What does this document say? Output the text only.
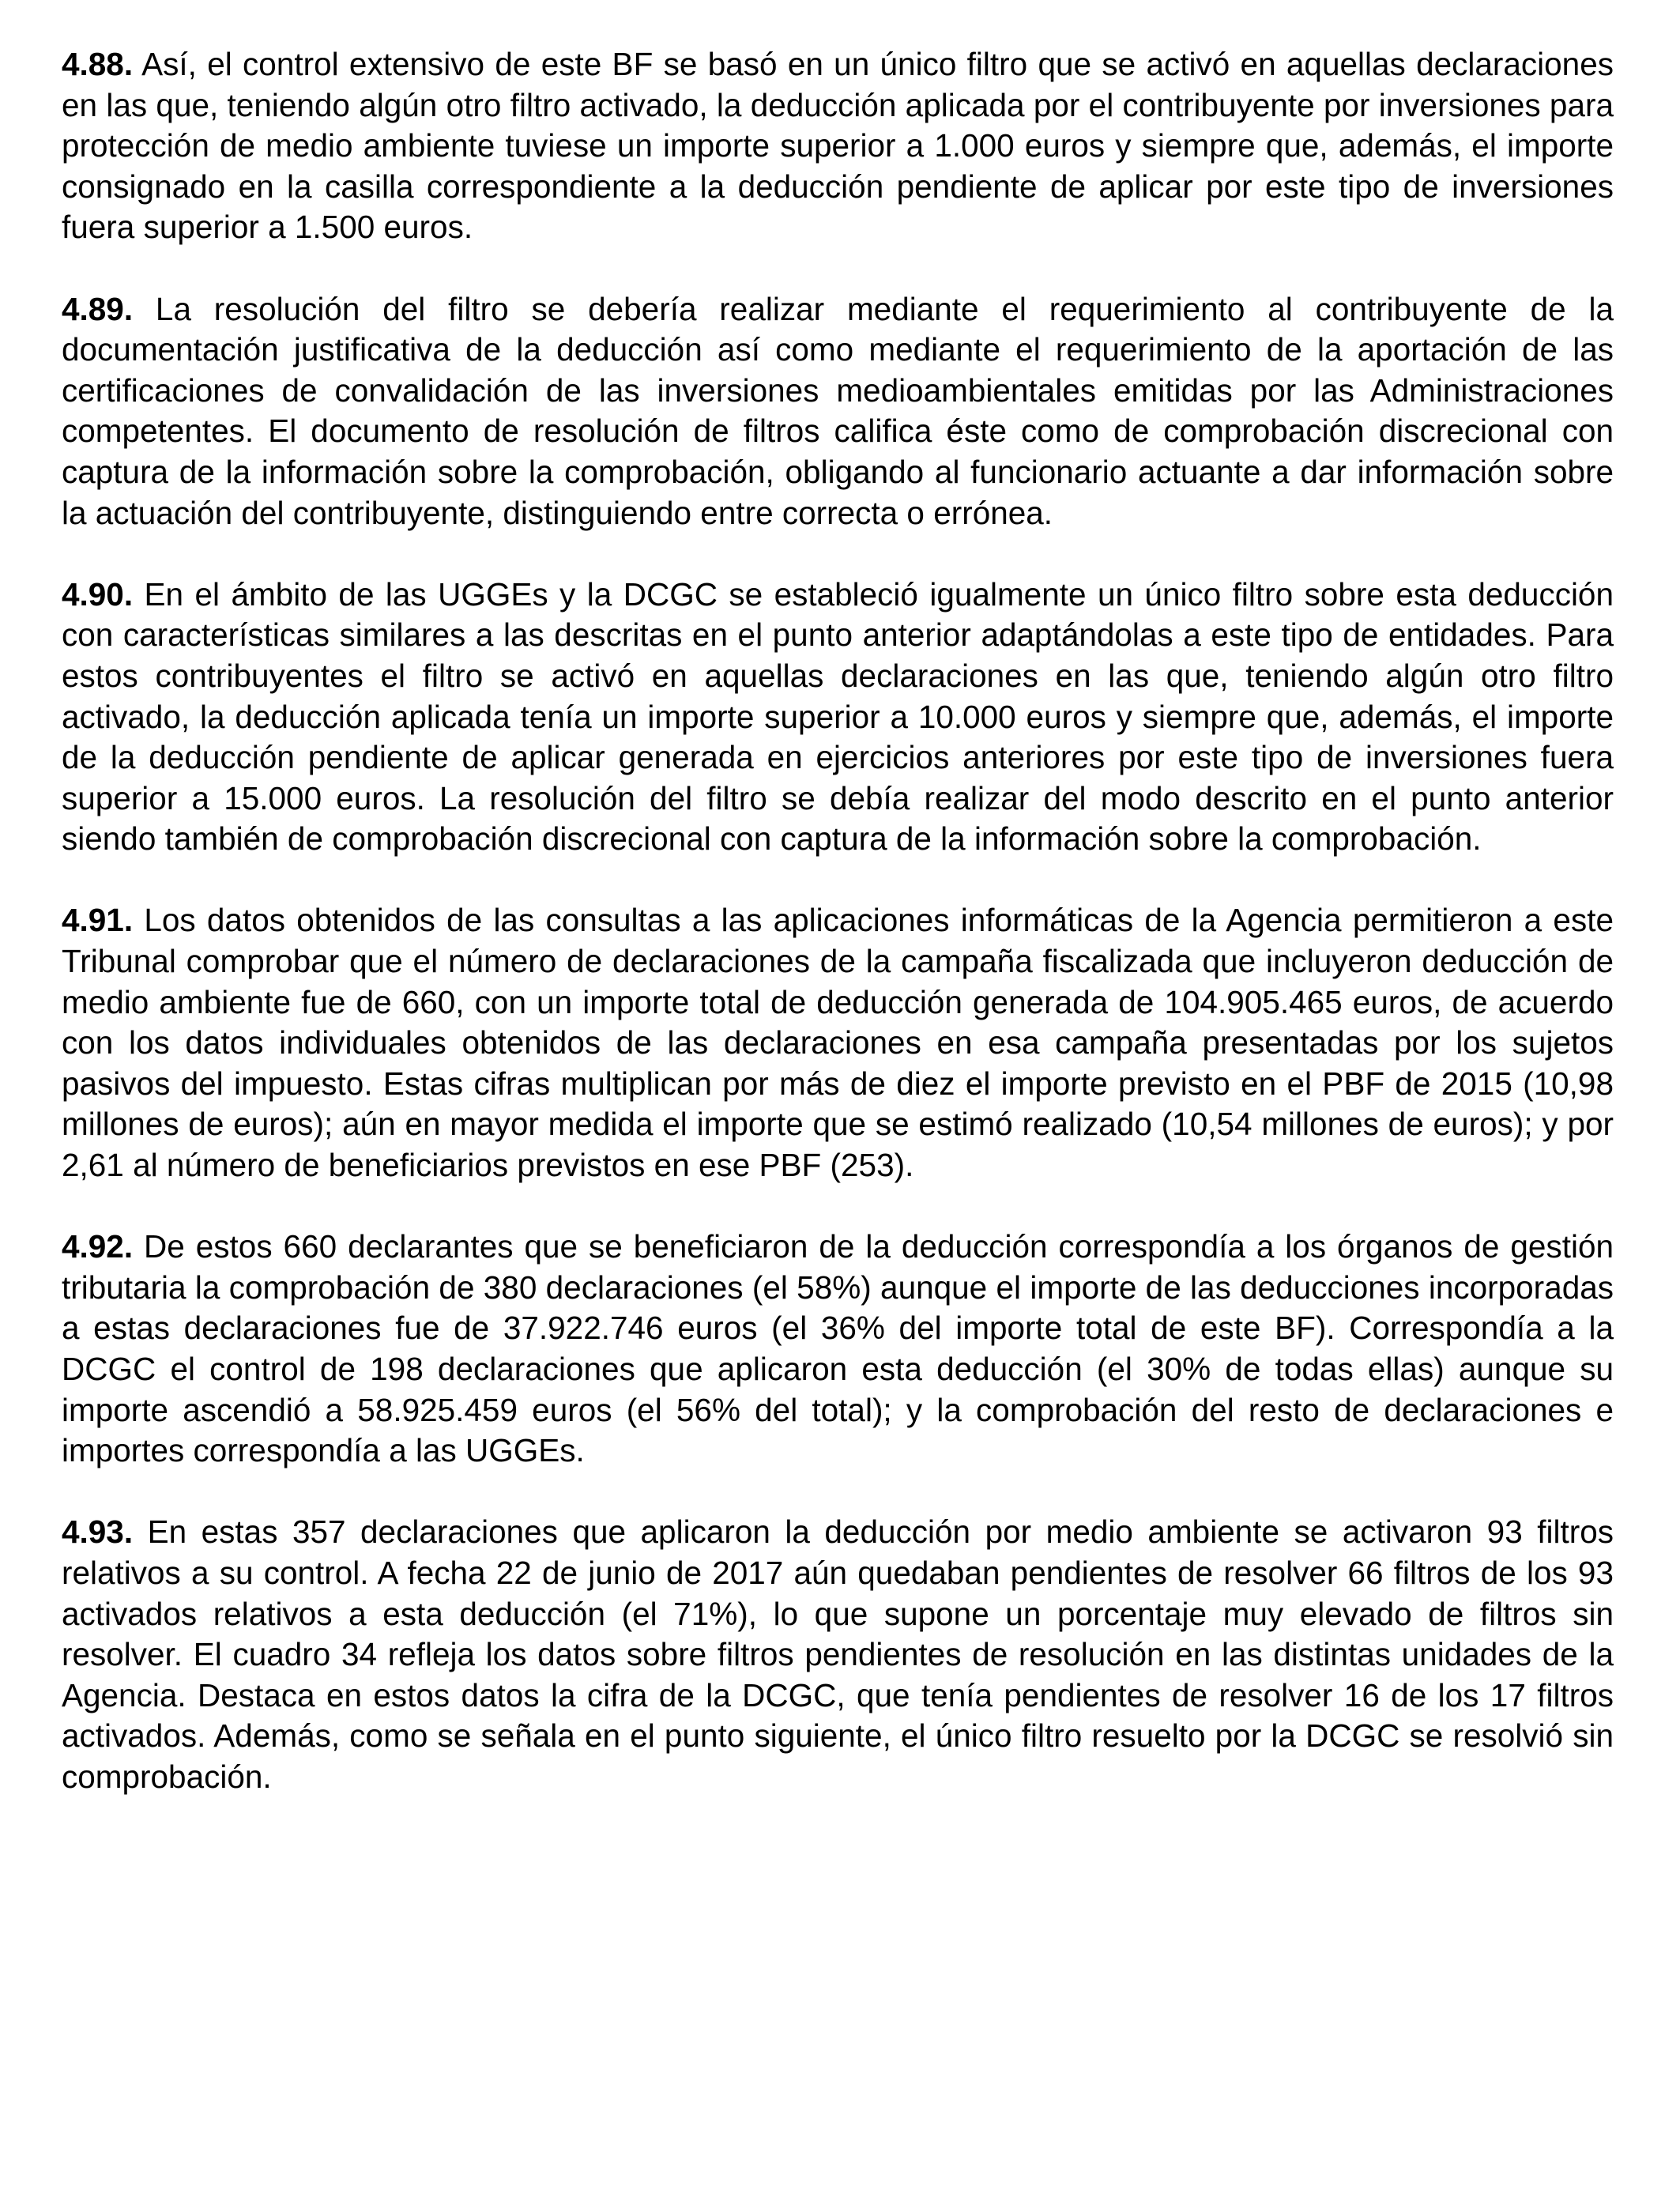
4.88. Así, el control extensivo de este BF se basó en un único filtro que se activó en aquellas declaraciones en las que, teniendo algún otro filtro activado, la deducción aplicada por el contribuyente por inversiones para protección de medio ambiente tuviese un importe superior a 1.000 euros y siempre que, además, el importe consignado en la casilla correspondiente a la deducción pendiente de aplicar por este tipo de inversiones fuera superior a 1.500 euros.

4.89. La resolución del filtro se debería realizar mediante el requerimiento al contribuyente de la documentación justificativa de la deducción así como mediante el requerimiento de la aportación de las certificaciones de convalidación de las inversiones medioambientales emitidas por las Administraciones competentes. El documento de resolución de filtros califica éste como de comprobación discrecional con captura de la información sobre la comprobación, obligando al funcionario actuante a dar información sobre la actuación del contribuyente, distinguiendo entre correcta o errónea.

4.90. En el ámbito de las UGGEs y la DCGC se estableció igualmente un único filtro sobre esta deducción con características similares a las descritas en el punto anterior adaptándolas a este tipo de entidades. Para estos contribuyentes el filtro se activó en aquellas declaraciones en las que, teniendo algún otro filtro activado, la deducción aplicada tenía un importe superior a 10.000 euros y siempre que, además, el importe de la deducción pendiente de aplicar generada en ejercicios anteriores por este tipo de inversiones fuera superior a 15.000 euros. La resolución del filtro se debía realizar del modo descrito en el punto anterior siendo también de comprobación discrecional con captura de la información sobre la comprobación.

4.91. Los datos obtenidos de las consultas a las aplicaciones informáticas de la Agencia permitieron a este Tribunal comprobar que el número de declaraciones de la campaña fiscalizada que incluyeron deducción de medio ambiente fue de 660, con un importe total de deducción generada de 104.905.465 euros, de acuerdo con los datos individuales obtenidos de las declaraciones en esa campaña presentadas por los sujetos pasivos del impuesto. Estas cifras multiplican por más de diez el importe previsto en el PBF de 2015 (10,98 millones de euros); aún en mayor medida el importe que se estimó realizado (10,54 millones de euros); y por 2,61 al número de beneficiarios previstos en ese PBF (253).

4.92. De estos 660 declarantes que se beneficiaron de la deducción correspondía a los órganos de gestión tributaria la comprobación de 380 declaraciones (el 58%) aunque el importe de las deducciones incorporadas a estas declaraciones fue de 37.922.746 euros (el 36% del importe total de este BF). Correspondía a la DCGC el control de 198 declaraciones que aplicaron esta deducción (el 30% de todas ellas) aunque su importe ascendió a 58.925.459 euros (el 56% del total); y la comprobación del resto de declaraciones e importes correspondía a las UGGEs.

4.93. En estas 357 declaraciones que aplicaron la deducción por medio ambiente se activaron 93 filtros relativos a su control. A fecha 22 de junio de 2017 aún quedaban pendientes de resolver 66 filtros de los 93 activados relativos a esta deducción (el 71%), lo que supone un porcentaje muy elevado de filtros sin resolver. El cuadro 34 refleja los datos sobre filtros pendientes de resolución en las distintas unidades de la Agencia. Destaca en estos datos la cifra de la DCGC, que tenía pendientes de resolver 16 de los 17 filtros activados. Además, como se señala en el punto siguiente, el único filtro resuelto por la DCGC se resolvió sin comprobación.
